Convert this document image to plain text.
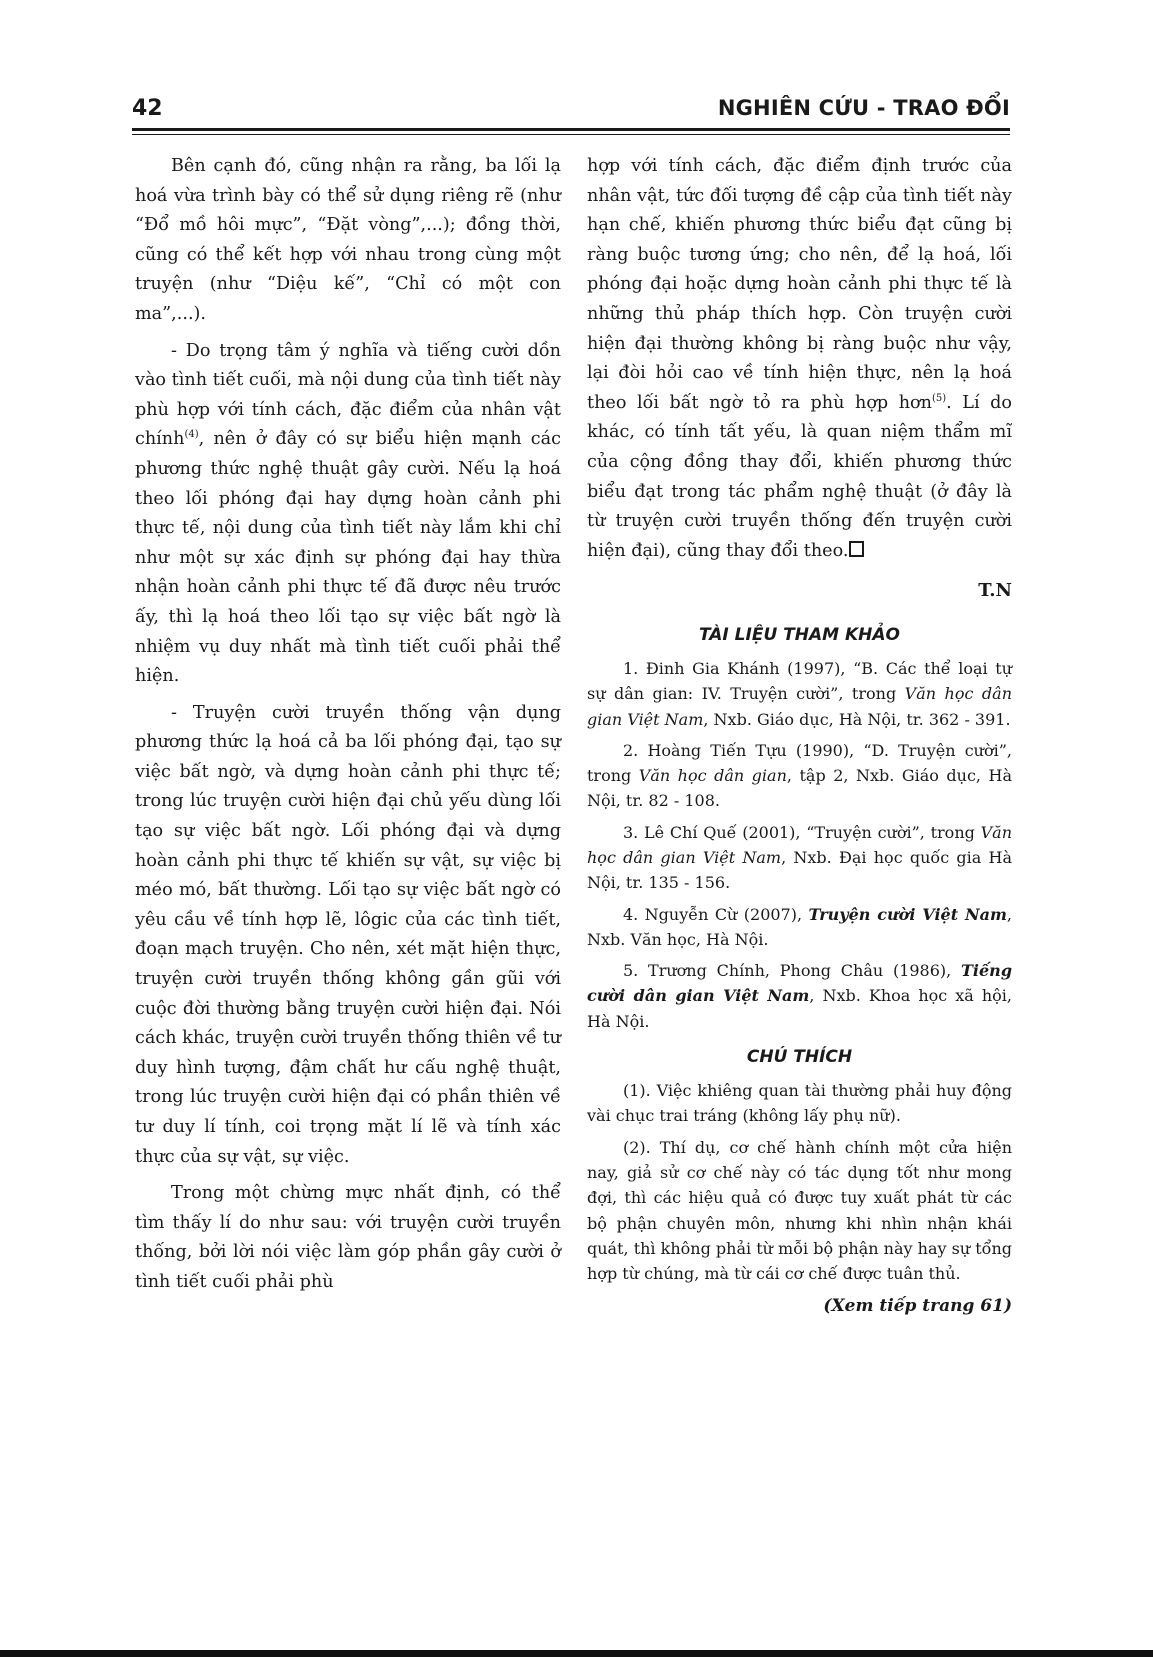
42	NGHIÊN CỨU - TRAO ĐỔI

Bên cạnh đó, cũng nhận ra rằng, ba lối lạ hoá vừa trình bày có thể sử dụng riêng rẽ (như “Đổ mồ hôi mực”, “Đặt vòng”,...); đồng thời, cũng có thể kết hợp với nhau trong cùng một truyện (như “Diệu kế”, “Chỉ có một con ma”,...).

- Do trọng tâm ý nghĩa và tiếng cười dồn vào tình tiết cuối, mà nội dung của tình tiết này phù hợp với tính cách, đặc điểm của nhân vật chính$^{(4)}$, nên ở đây có sự biểu hiện mạnh các phương thức nghệ thuật gây cười. Nếu lạ hoá theo lối phóng đại hay dựng hoàn cảnh phi thực tế, nội dung của tình tiết này lắm khi chỉ như một sự xác định sự phóng đại hay thừa nhận hoàn cảnh phi thực tế đã được nêu trước ấy, thì lạ hoá theo lối tạo sự việc bất ngờ là nhiệm vụ duy nhất mà tình tiết cuối phải thể hiện.

- Truyện cười truyền thống vận dụng phương thức lạ hoá cả ba lối phóng đại, tạo sự việc bất ngờ, và dựng hoàn cảnh phi thực tế; trong lúc truyện cười hiện đại chủ yếu dùng lối tạo sự việc bất ngờ. Lối phóng đại và dựng hoàn cảnh phi thực tế khiến sự vật, sự việc bị méo mó, bất thường. Lối tạo sự việc bất ngờ có yêu cầu về tính hợp lẽ, lôgic của các tình tiết, đoạn mạch truyện. Cho nên, xét mặt hiện thực, truyện cười truyền thống không gần gũi với cuộc đời thường bằng truyện cười hiện đại. Nói cách khác, truyện cười truyền thống thiên về tư duy hình tượng, đậm chất hư cấu nghệ thuật, trong lúc truyện cười hiện đại có phần thiên về tư duy lí tính, coi trọng mặt lí lẽ và tính xác thực của sự vật, sự việc.

Trong một chừng mực nhất định, có thể tìm thấy lí do như sau: với truyện cười truyền thống, bởi lời nói việc làm góp phần gây cười ở tình tiết cuối phải phù

hợp với tính cách, đặc điểm định trước của nhân vật, tức đối tượng đề cập của tình tiết này hạn chế, khiến phương thức biểu đạt cũng bị ràng buộc tương ứng; cho nên, để lạ hoá, lối phóng đại hoặc dựng hoàn cảnh phi thực tế là những thủ pháp thích hợp. Còn truyện cười hiện đại thường không bị ràng buộc như vậy, lại đòi hỏi cao về tính hiện thực, nên lạ hoá theo lối bất ngờ tỏ ra phù hợp hơn$^{(5)}$. Lí do khác, có tính tất yếu, là quan niệm thẩm mĩ của cộng đồng thay đổi, khiến phương thức biểu đạt trong tác phẩm nghệ thuật (ở đây là từ truyện cười truyền thống đến truyện cười hiện đại), cũng thay đổi theo.

T.N
TÀI LIỆU THAM KHẢO

1. Đinh Gia Khánh (1997), “B. Các thể loại tự sự dân gian: IV. Truyện cười”, trong Văn học dân gian Việt Nam, Nxb. Giáo dục, Hà Nội, tr. 362 - 391.

2. Hoàng Tiến Tựu (1990), “D. Truyện cười”, trong Văn học dân gian, tập 2, Nxb. Giáo dục, Hà Nội, tr. 82 - 108.

3. Lê Chí Quế (2001), “Truyện cười”, trong Văn học dân gian Việt Nam, Nxb. Đại học quốc gia Hà Nội, tr. 135 - 156.

4. Nguyễn Cừ (2007), Truyện cười Việt Nam, Nxb. Văn học, Hà Nội.

5. Trương Chính, Phong Châu (1986), Tiếng cười dân gian Việt Nam, Nxb. Khoa học xã hội, Hà Nội.

CHÚ THÍCH

(1). Việc khiêng quan tài thường phải huy động vài chục trai tráng (không lấy phụ nữ).

(2). Thí dụ, cơ chế hành chính một cửa hiện nay, giả sử cơ chế này có tác dụng tốt như mong đợi, thì các hiệu quả có được tuy xuất phát từ các bộ phận chuyên môn, nhưng khi nhìn nhận khái quát, thì không phải từ mỗi bộ phận này hay sự tổng hợp từ chúng, mà từ cái cơ chế được tuân thủ.

(Xem tiếp trang 61)
